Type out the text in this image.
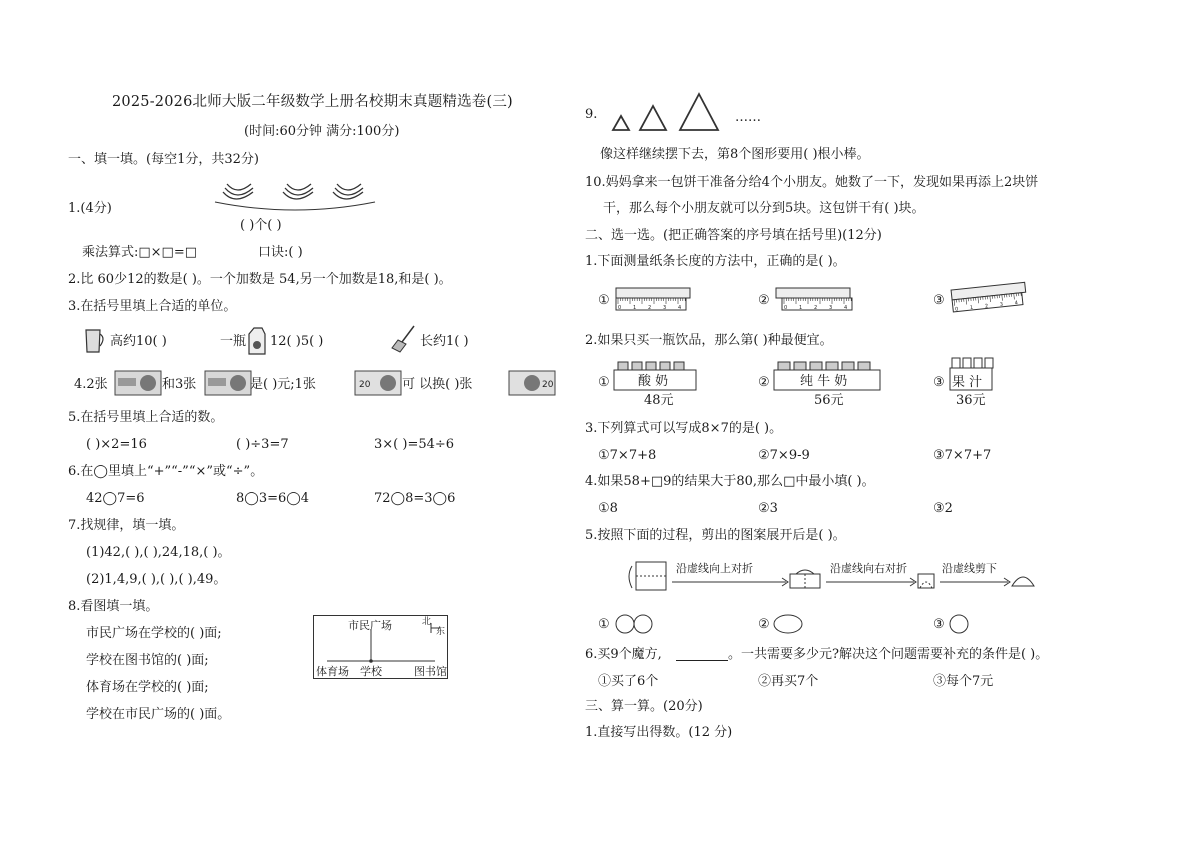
2025-2026北师大版二年级数学上册名校期末真题精选卷(三)
(时间:60分钟 满分:100分)
一、填一填。(每空1分，共32分)
1.(4分)
( )个( )
乘法算式:□×□=□	口诀:( )
2.比 60少12的数是( )。一个加数是 54,另一个加数是18,和是( )。
3.在括号里填上合适的单位。
高约10( )	一瓶 12( )5( )	长约1( )
4.2张	和3张	是( )元;1张	20 可 以换( )张	20
5.在括号里填上合适的数。
( )×2=16	( )÷3=7	3×( )=54÷6
6.在◯里填上“+”“-”“×”或“÷”。
42◯7=6	8◯3=6◯4	72◯8=3◯6
7.找规律，填一填。
(1)42,( ),( ),24,18,( )。
(2)1,4,9,( ),( ),( ),49。
8.看图填一填。
市民广场在学校的( )面;
学校在图书馆的( )面;
体育场在学校的( )面;
学校在市民广场的( )面。
市民广场	北
东
体育场 学校	图书馆
9.	……
像这样继续摆下去，第8个图形要用( )根小棒。
10.妈妈拿来一包饼干准备分给4个小朋友。她数了一下，发现如果再添上2块饼
干，那么每个小朋友就可以分到5块。这包饼干有( )块。
二、选一选。(把正确答案的序号填在括号里)(12分)
1.下面测量纸条长度的方法中，正确的是( )。
① 0 1 2 3 4	②	0 1 2 3 4	③
0 1 2 3 4
2.如果只买一瓶饮品，那么第( )种最便宜。
① 酸 奶
48元
② 纯 牛 奶
56元
③ 果 汁
36元
3.下列算式可以写成8×7的是( )。
①7×7+8	②7×9-9	③7×7+7
4.如果58+□9的结果大于80,那么□中最小填( )。
①8	②3	③2
5.按照下面的过程，剪出的图案展开后是( )。
沿虚线向上对折	沿虚线向右对折	沿虚线剪下
①	②	③
6.买9个魔方,	。一共需要多少元?解决这个问题需要补充的条件是( )。
①买了6个	②再买7个	③每个7元
三、算一算。(20分)
1.直接写出得数。(12 分)
